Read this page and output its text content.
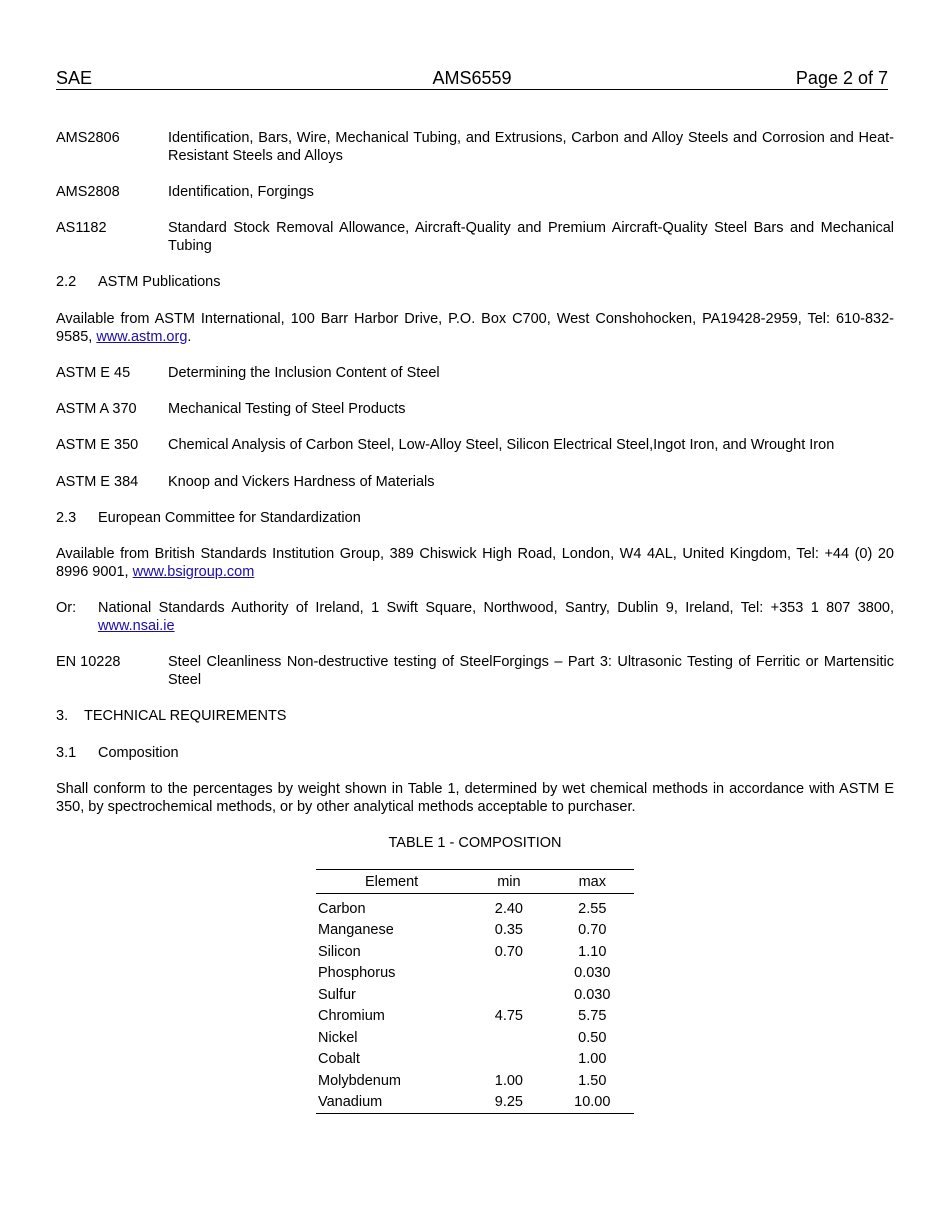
SAE	AMS6559	Page 2 of 7
AMS2806	Identification, Bars, Wire, Mechanical Tubing, and Extrusions, Carbon and Alloy Steels and Corrosion and Heat-Resistant Steels and Alloys
AMS2808	Identification, Forgings
AS1182	Standard Stock Removal Allowance, Aircraft-Quality and Premium Aircraft-Quality Steel Bars and Mechanical Tubing
2.2 ASTM Publications
Available from ASTM International, 100 Barr Harbor Drive, P.O. Box C700, West Conshohocken, PA19428-2959, Tel: 610-832-9585, www.astm.org.
ASTM E 45	Determining the Inclusion Content of Steel
ASTM A 370	Mechanical Testing of Steel Products
ASTM E 350	Chemical Analysis of Carbon Steel, Low-Alloy Steel, Silicon Electrical Steel,Ingot Iron, and Wrought Iron
ASTM E 384	Knoop and Vickers Hardness of Materials
2.3 European Committee for Standardization
Available from British Standards Institution Group, 389 Chiswick High Road, London, W4 4AL, United Kingdom, Tel: +44 (0) 20 8996 9001, www.bsigroup.com
Or:	National Standards Authority of Ireland, 1 Swift Square, Northwood, Santry, Dublin 9, Ireland, Tel: +353 1 807 3800, www.nsai.ie
EN 10228	Steel Cleanliness Non-destructive testing of SteelForgings – Part 3: Ultrasonic Testing of Ferritic or Martensitic Steel
3. TECHNICAL REQUIREMENTS
3.1 Composition
Shall conform to the percentages by weight shown in Table 1, determined by wet chemical methods in accordance with ASTM E 350, by spectrochemical methods, or by other analytical methods acceptable to purchaser.
TABLE 1 - COMPOSITION
Element	min	max

Carbon	2.40	2.55
Manganese	0.35	0.70
Silicon	0.70	1.10
Phosphorus		0.030
Sulfur		0.030
Chromium	4.75	5.75
Nickel		0.50
Cobalt		1.00
Molybdenum	1.00	1.50
Vanadium	9.25	10.00
